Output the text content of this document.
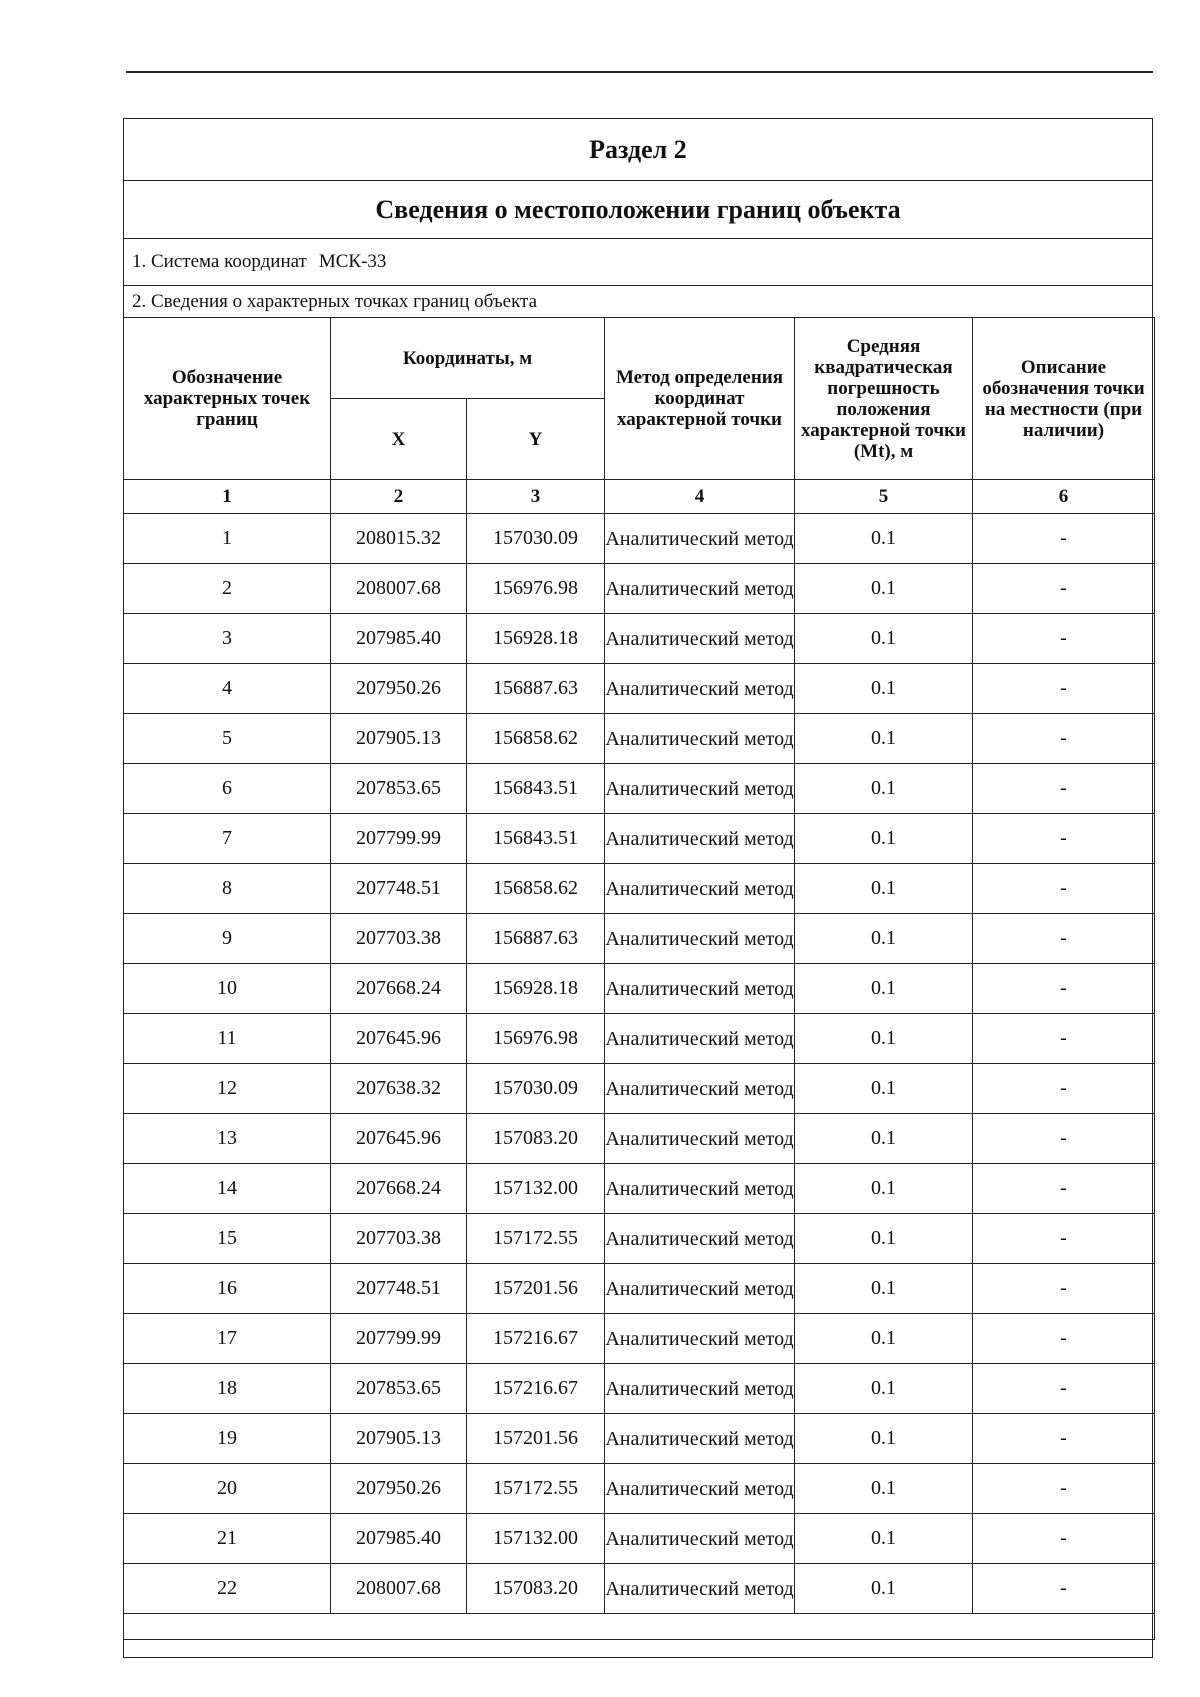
Раздел 2
Сведения о местоположении границ объекта
1. Система координат МСК-33
2. Сведения о характерных точках границ объекта
Обозначение характерных точек границ	Координаты, м		Метод определения координат характерной точки	Средняя квадратическая погрешность положения характерной точки (Mt), м	Описание обозначения точки на местности (при наличии)
	X	Y			
1	2	3	4	5	6
1	208015.32	157030.09	Аналитический метод	0.1	-
2	208007.68	156976.98	Аналитический метод	0.1	-
3	207985.40	156928.18	Аналитический метод	0.1	-
4	207950.26	156887.63	Аналитический метод	0.1	-
5	207905.13	156858.62	Аналитический метод	0.1	-
6	207853.65	156843.51	Аналитический метод	0.1	-
7	207799.99	156843.51	Аналитический метод	0.1	-
8	207748.51	156858.62	Аналитический метод	0.1	-
9	207703.38	156887.63	Аналитический метод	0.1	-
10	207668.24	156928.18	Аналитический метод	0.1	-
11	207645.96	156976.98	Аналитический метод	0.1	-
12	207638.32	157030.09	Аналитический метод	0.1	-
13	207645.96	157083.20	Аналитический метод	0.1	-
14	207668.24	157132.00	Аналитический метод	0.1	-
15	207703.38	157172.55	Аналитический метод	0.1	-
16	207748.51	157201.56	Аналитический метод	0.1	-
17	207799.99	157216.67	Аналитический метод	0.1	-
18	207853.65	157216.67	Аналитический метод	0.1	-
19	207905.13	157201.56	Аналитический метод	0.1	-
20	207950.26	157172.55	Аналитический метод	0.1	-
21	207985.40	157132.00	Аналитический метод	0.1	-
22	208007.68	157083.20	Аналитический метод	0.1	-
